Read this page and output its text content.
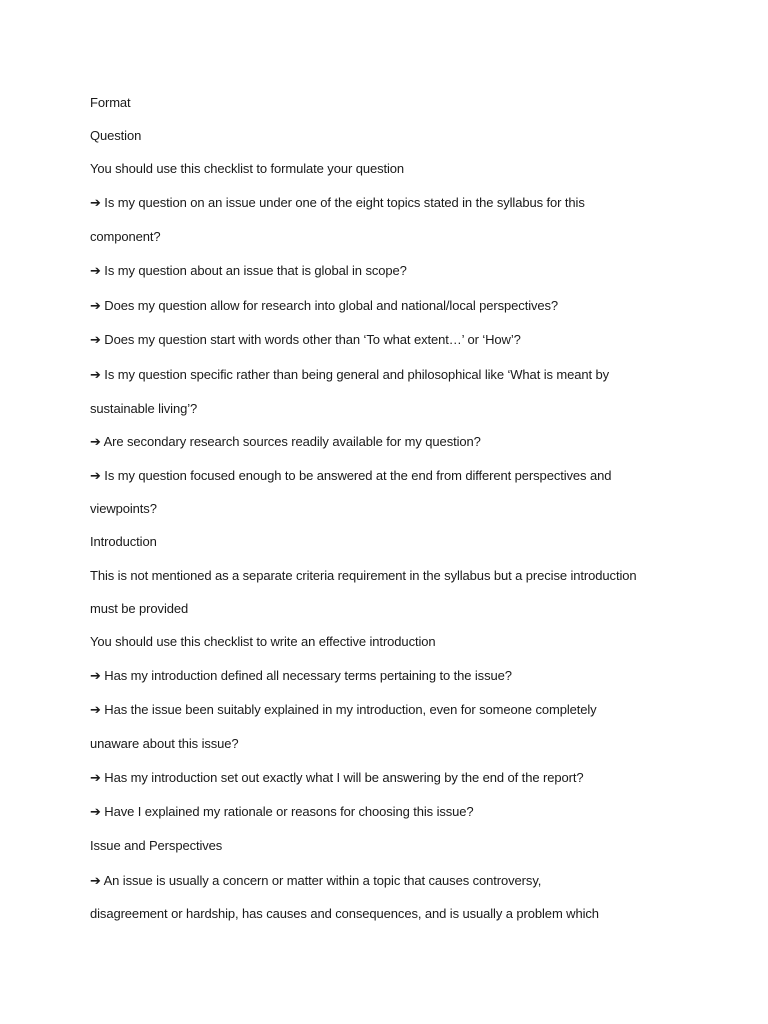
Format
Question
You should use this checklist to formulate your question
➔ Is my question on an issue under one of the eight topics stated in the syllabus for this
component?
➔ Is my question about an issue that is global in scope?
➔ Does my question allow for research into global and national/local perspectives?
➔ Does my question start with words other than ‘To what extent…’ or ‘How’?
➔ Is my question specific rather than being general and philosophical like ‘What is meant by
sustainable living’?
➔ Are secondary research sources readily available for my question?
➔ Is my question focused enough to be answered at the end from different perspectives and
viewpoints?
Introduction
This is not mentioned as a separate criteria requirement in the syllabus but a precise introduction
must be provided
You should use this checklist to write an effective introduction
➔ Has my introduction defined all necessary terms pertaining to the issue?
➔ Has the issue been suitably explained in my introduction, even for someone completely
unaware about this issue?
➔ Has my introduction set out exactly what I will be answering by the end of the report?
➔ Have I explained my rationale or reasons for choosing this issue?
Issue and Perspectives
➔ An issue is usually a concern or matter within a topic that causes controversy,
disagreement or hardship, has causes and consequences, and is usually a problem which
